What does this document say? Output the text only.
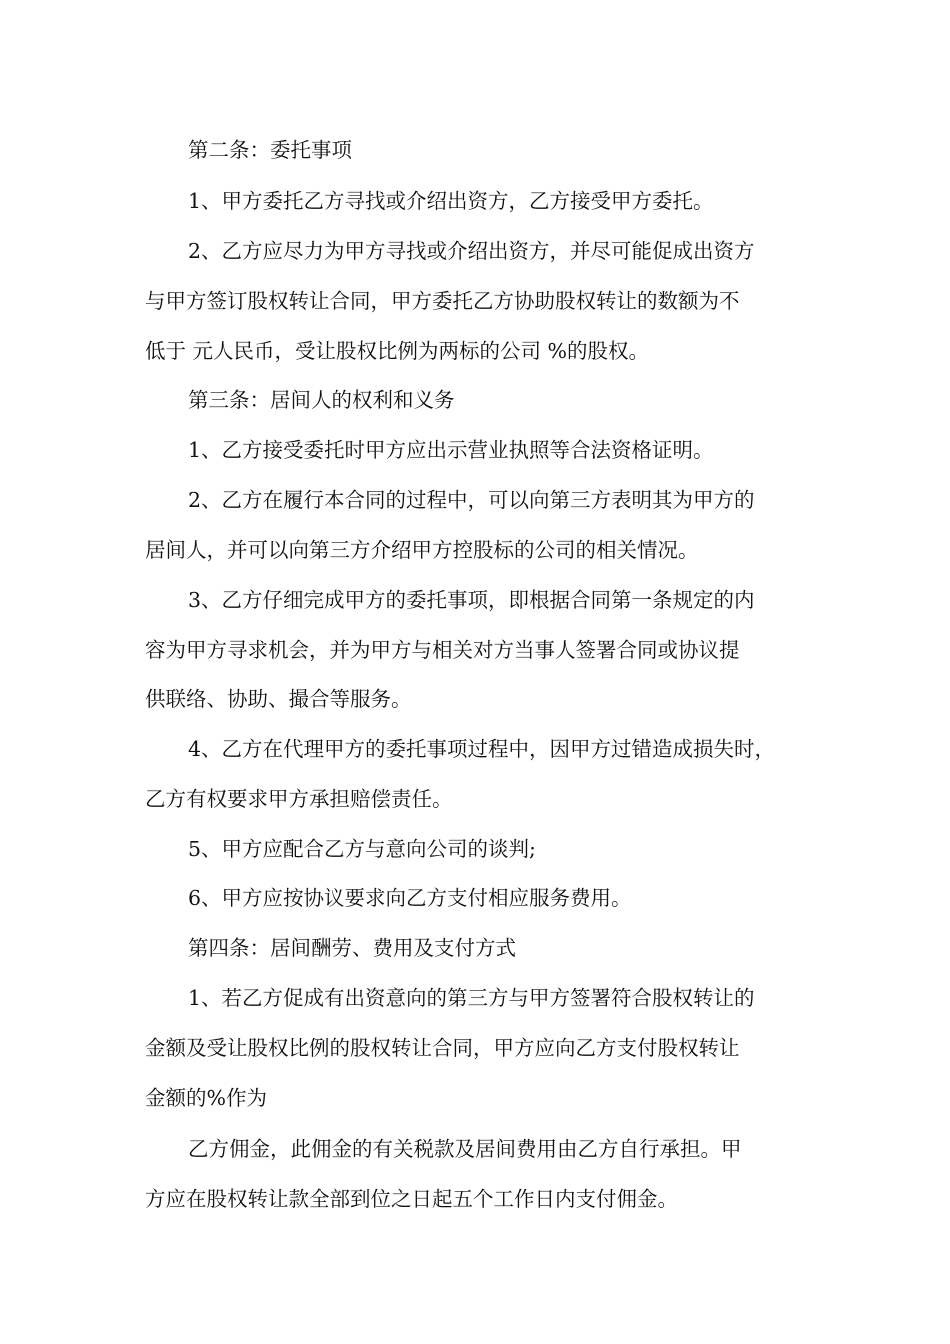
第二条：委托事项
1、甲方委托乙方寻找或介绍出资方，乙方接受甲方委托。
2、乙方应尽力为甲方寻找或介绍出资方，并尽可能促成出资方
与甲方签订股权转让合同，甲方委托乙方协助股权转让的数额为不
低于 元人民币，受让股权比例为两标的公司 %的股权。
第三条：居间人的权利和义务
1、乙方接受委托时甲方应出示营业执照等合法资格证明。
2、乙方在履行本合同的过程中，可以向第三方表明其为甲方的
居间人，并可以向第三方介绍甲方控股标的公司的相关情况。
3、乙方仔细完成甲方的委托事项，即根据合同第一条规定的内
容为甲方寻求机会，并为甲方与相关对方当事人签署合同或协议提
供联络、协助、撮合等服务。
4、乙方在代理甲方的委托事项过程中，因甲方过错造成损失时，
乙方有权要求甲方承担赔偿责任。
5、甲方应配合乙方与意向公司的谈判;
6、甲方应按协议要求向乙方支付相应服务费用。
第四条：居间酬劳、费用及支付方式
1、若乙方促成有出资意向的第三方与甲方签署符合股权转让的
金额及受让股权比例的股权转让合同，甲方应向乙方支付股权转让
金额的%作为
乙方佣金，此佣金的有关税款及居间费用由乙方自行承担。甲
方应在股权转让款全部到位之日起五个工作日内支付佣金。
